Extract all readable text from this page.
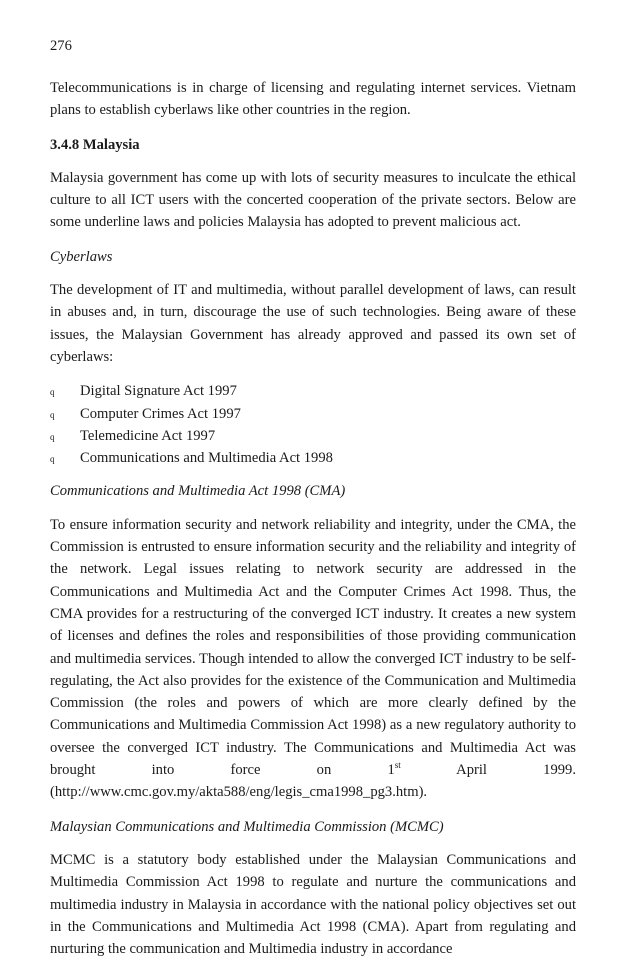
276

Telecommunications is in charge of licensing and regulating internet services. Vietnam plans to establish cyberlaws like other countries in the region.

3.4.8 Malaysia

Malaysia government has come up with lots of security measures to inculcate the ethical culture to all ICT users with the concerted cooperation of the private sectors. Below are some underline laws and policies Malaysia has adopted to prevent malicious act.

Cyberlaws

The development of IT and multimedia, without parallel development of laws, can result in abuses and, in turn, discourage the use of such technologies. Being aware of these issues, the Malaysian Government has already approved and passed its own set of cyberlaws:

q Digital Signature Act 1997
q Computer Crimes Act 1997
q Telemedicine Act 1997
q Communications and Multimedia Act 1998

Communications and Multimedia Act 1998 (CMA)

To ensure information security and network reliability and integrity, under the CMA, the Commission is entrusted to ensure information security and the reliability and integrity of the network. Legal issues relating to network security are addressed in the Communications and Multimedia Act and the Computer Crimes Act 1998. Thus, the CMA provides for a restructuring of the converged ICT industry. It creates a new system of licenses and defines the roles and responsibilities of those providing communication and multimedia services. Though intended to allow the converged ICT industry to be self-regulating, the Act also provides for the existence of the Communication and Multimedia Commission (the roles and powers of which are more clearly defined by the Communications and Multimedia Commission Act 1998) as a new regulatory authority to oversee the converged ICT industry. The Communications and Multimedia Act was brought into force on 1st April 1999. (http://www.cmc.gov.my/akta588/eng/legis_cma1998_pg3.htm).

Malaysian Communications and Multimedia Commission (MCMC)

MCMC is a statutory body established under the Malaysian Communications and Multimedia Commission Act 1998 to regulate and nurture the communications and multimedia industry in Malaysia in accordance with the national policy objectives set out in the Communications and Multimedia Act 1998 (CMA). Apart from regulating and nurturing the communication and Multimedia industry in accordance
